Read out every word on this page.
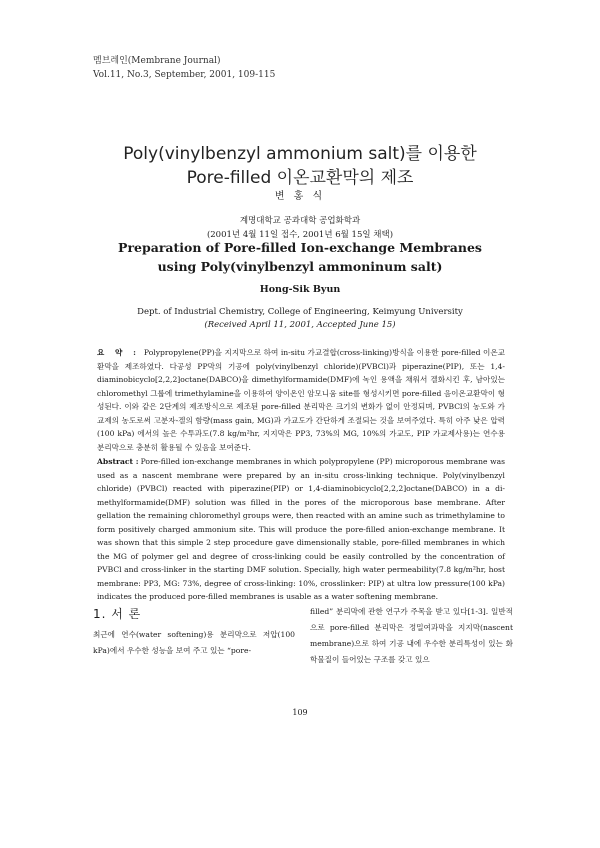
멤브레인(Membrane Journal)
Vol.11, No.3, September, 2001, 109-115
Poly(vinylbenzyl ammonium salt)를 이용한
Pore-filled 이온교환막의 제조
변 홍 식
계명대학교 공과대학 공업화학과
(2001년 4월 11일 접수, 2001년 6월 15일 채택)
Preparation of Pore-filled Ion-exchange Membranes
using Poly(vinylbenzyl ammoninum salt)
Hong-Sik Byun
Dept. of Industrial Chemistry, College of Engineering, Keimyung University
(Received April 11, 2001, Accepted June 15)
요 약 : Polypropylene(PP)을 지지막으로 하여 in-situ 가교결합(cross-linking)방식을 이용한 pore-filled 이온교환막을 제조하였다. 다공성 PP막의 기공에 poly(vinylbenzyl chloride)(PVBCl)과 piperazine(PIP), 또는 1,4-diaminobicyclo[2,2,2]octane(DABCO)을 dimethylformamide(DMF)에 녹인 용액을 채워서 겔화시킨 후, 남아있는 chloromethyl 그룹에 trimethylamine을 이용하여 양이온인 암모니움 site를 형성시키면 pore-filled 음이온교환막이 형성된다. 이와 같은 2단계의 제조방식으로 제조된 pore-filled 분리막은 크기의 변화가 없이 안정되며, PVBCl의 농도와 가교제의 농도로써 고분자-겔의 함량(mass gain, MG)과 가교도가 간단하게 조절되는 것을 보여주었다. 특히 아주 낮은 압력(100 kPa) 에서의 높은 수투과도(7.8 kg/m²hr, 지지막은 PP3, 73%의 MG, 10%의 가교도, PIP 가교제사용)는 연수용 분리막으로 충분히 활용될 수 있음을 보여준다.
Abstract : Pore-filled ion-exchange membranes in which polypropylene (PP) microporous membrane was used as a nascent membrane were prepared by an in-situ cross-linking technique. Poly(vinylbenzyl chloride) (PVBCl) reacted with piperazine(PIP) or 1,4-diaminobicyclo[2,2,2]octane(DABCO) in a di-methylformamide(DMF) solution was filled in the pores of the microporous base membrane. After gellation the remaining chloromethyl groups were, then reacted with an amine such as trimethylamine to form positively charged ammonium site. This will produce the pore-filled anion-exchange membrane. It was shown that this simple 2 step procedure gave dimensionally stable, pore-filled membranes in which the MG of polymer gel and degree of cross-linking could be easily controlled by the concentration of PVBCl and cross-linker in the starting DMF solution. Specially, high water permeability(7.8 kg/m²hr, host membrane: PP3, MG: 73%, degree of cross-linking: 10%, crosslinker: PIP) at ultra low pressure(100 kPa) indicates the produced pore-filled membranes is usable as a water softening membrane.
1. 서 론
최근에 연수(water softening)용 분리막으로 저압(100 kPa)에서 우수한 성능을 보여 주고 있는 “pore-
filled” 분리막에 관한 연구가 주목을 받고 있다[1-3]. 일반적으로 pore-filled 분리막은 정밀여과막을 지지막(nascent membrane)으로 하여 기공 내에 우수한 분리특성이 있는 화학물질이 들어있는 구조를 갖고 있으
109
